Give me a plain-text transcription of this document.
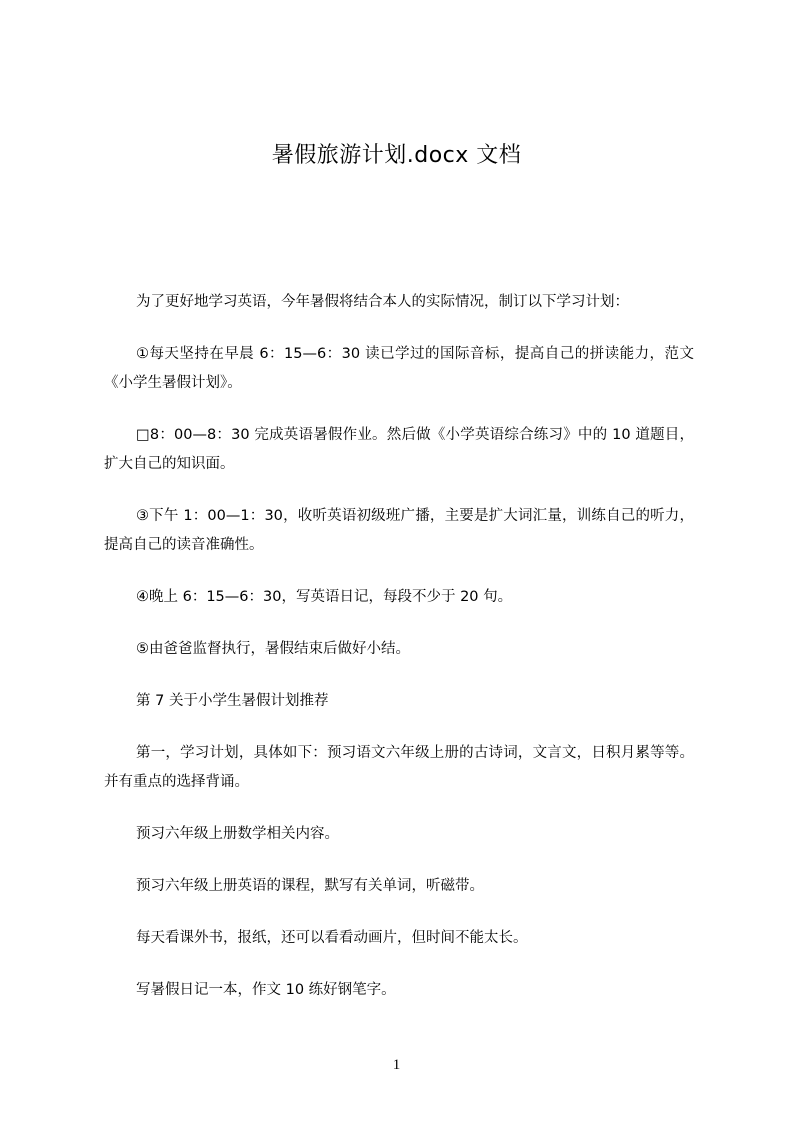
暑假旅游计划.docx 文档

为了更好地学习英语，今年暑假将结合本人的实际情况，制订以下学习计划：

①每天坚持在早晨 6：15—6：30 读已学过的国际音标，提高自己的拼读能力，范文《小学生暑假计划》。

□8：00—8：30 完成英语暑假作业。然后做《小学英语综合练习》中的 10 道题目，扩大自己的知识面。

③下午 1：00—1：30，收听英语初级班广播，主要是扩大词汇量，训练自己的听力，提高自己的读音准确性。

④晚上 6：15—6：30，写英语日记，每段不少于 20 句。

⑤由爸爸监督执行，暑假结束后做好小结。

第 7 关于小学生暑假计划推荐

第一，学习计划，具体如下：预习语文六年级上册的古诗词，文言文，日积月累等等。并有重点的选择背诵。

预习六年级上册数学相关内容。

预习六年级上册英语的课程，默写有关单词，听磁带。

每天看课外书，报纸，还可以看看动画片，但时间不能太长。

写暑假日记一本，作文 10 练好钢笔字。

1
